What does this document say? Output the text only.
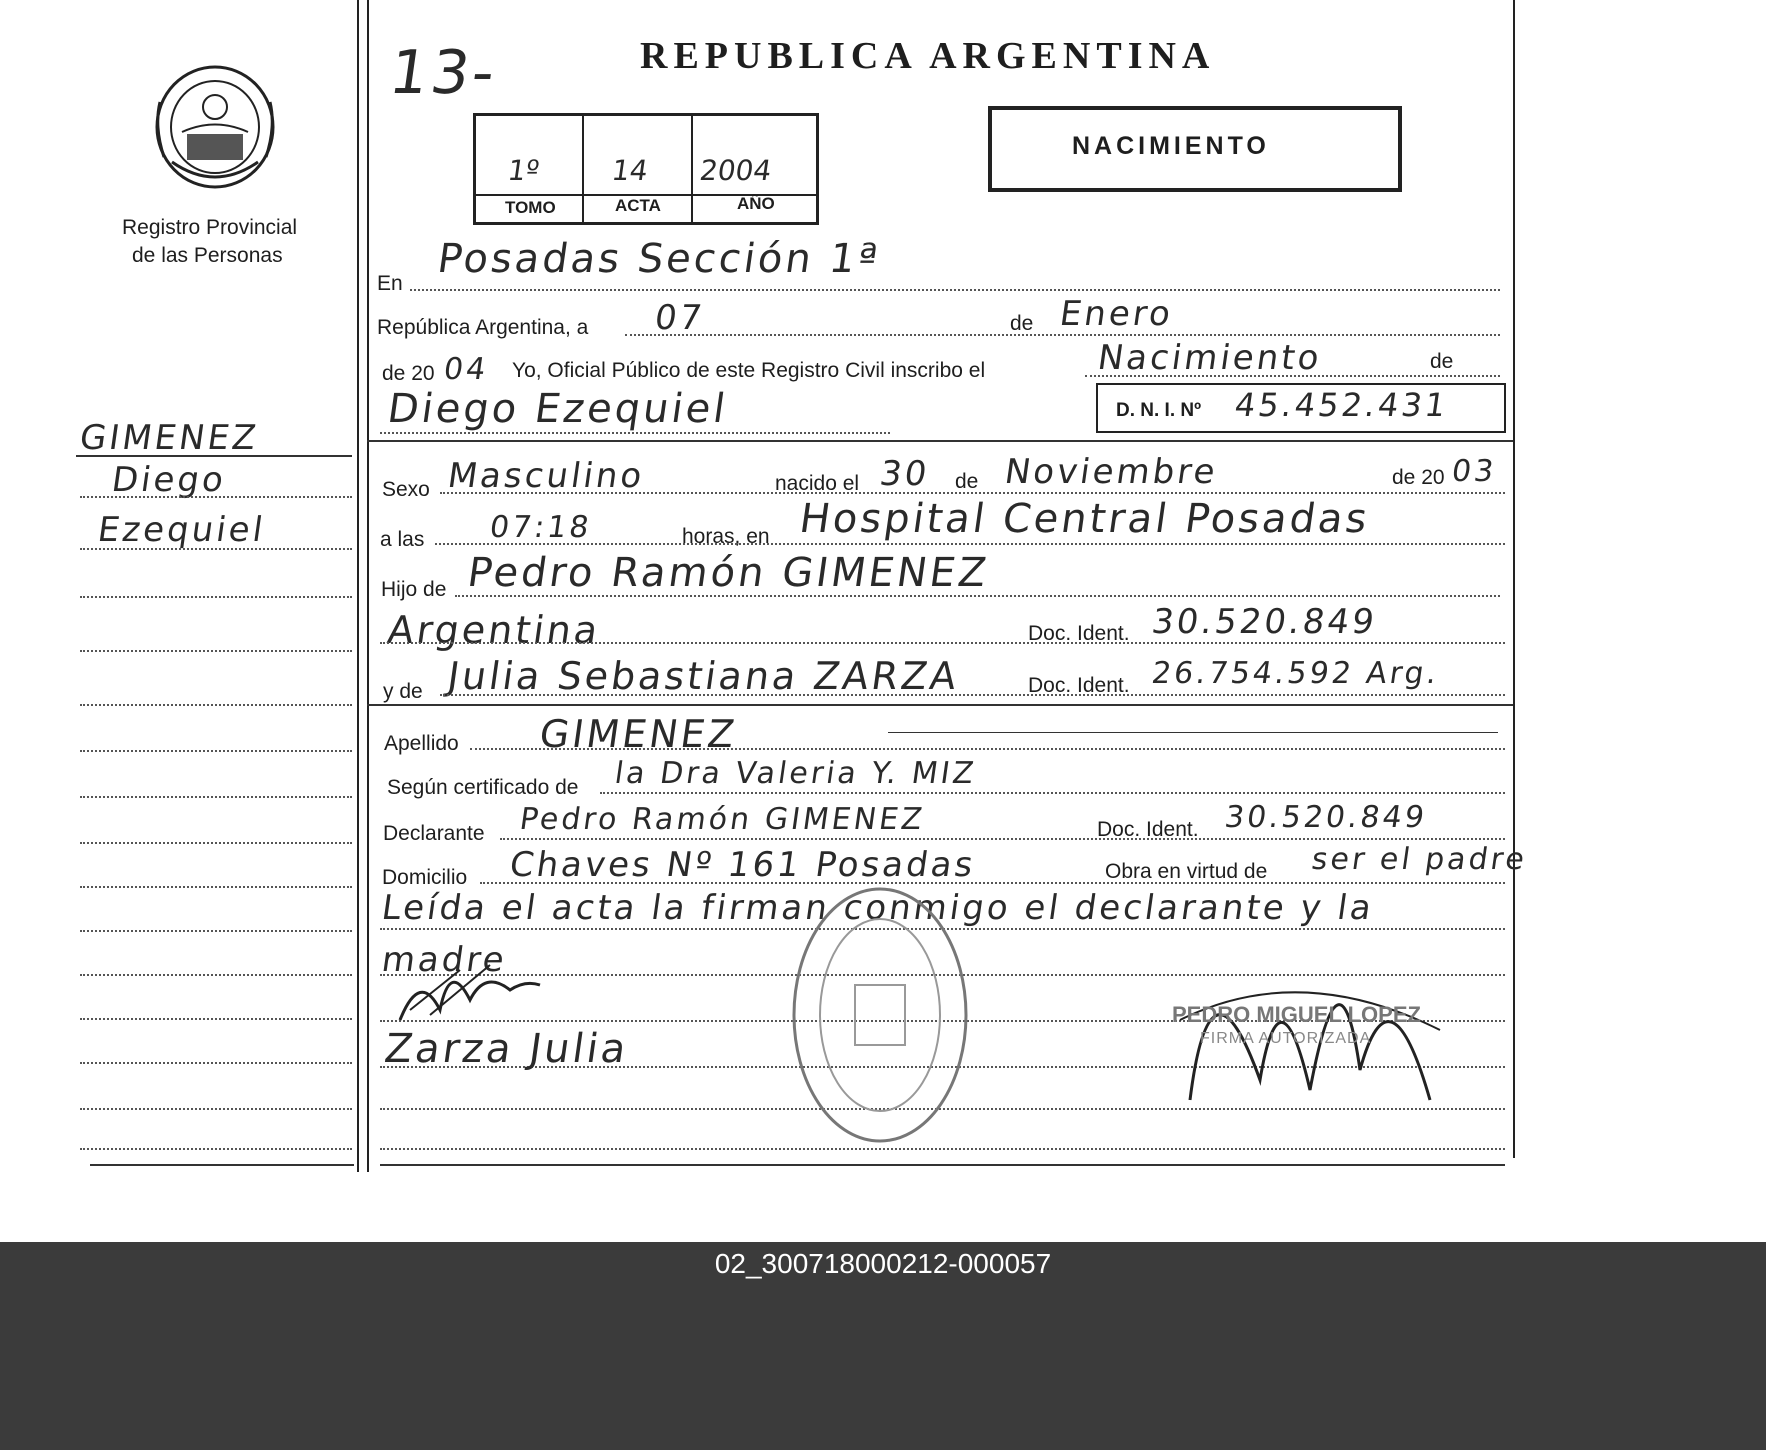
Registro Provincial
de las Personas
13-	REPUBLICA ARGENTINA
1º 14 2004
TOMO	ACTA	AÑO
NACIMIENTO
En
Posadas Sección 1ª
República Argentina, a 07	de Enero
de 20 04 Yo, Oficial Público de este Registro Civil inscribo el	Nacimiento	de
Diego Ezequiel	D. N. I. Nº 45.452.431
Sexo Masculino	nacido el 30 de Noviembre	de 20 03
a las 07:18	horas, en Hospital Central Posadas
Hijo de Pedro Ramón GIMENEZ
Argentina	Doc. Ident. 30.520.849
y de Julia Sebastiana ZARZA	Doc. Ident. 26.754.592 Arg.
Apellido GIMENEZ
Según certificado de la Dra Valeria Y. MIZ
Declarante Pedro Ramón GIMENEZ	Doc. Ident. 30.520.849
Domicilio Chaves Nº 161 Posadas	Obra en virtud de ser el padre
Leída el acta la firman conmigo el declarante y la
madre
Zarza Julia
PEDRO MIGUEL LOPEZ
FIRMA AUTORIZADA
GIMENEZ
Diego
Ezequiel
02_300718000212-000057
